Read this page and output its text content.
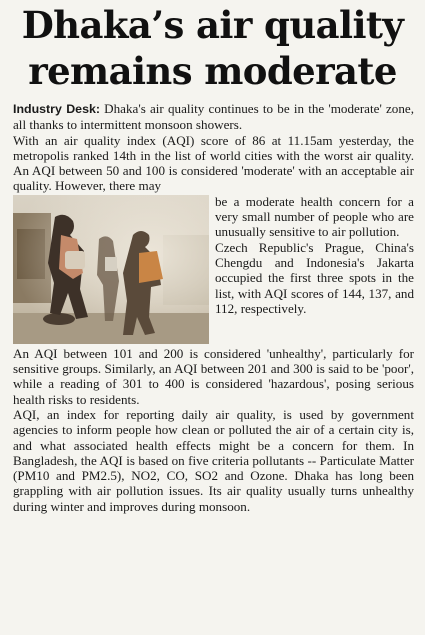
Dhaka’s air quality
remains moderate

Industry Desk: Dhaka's air quality continues to be in the 'moderate' zone, all thanks to intermittent monsoon showers.

With an air quality index (AQI) score of 86 at 11.15am yesterday, the metropolis ranked 14th in the list of world cities with the worst air quality. An AQI between 50 and 100 is considered 'moderate' with an acceptable air quality. However, there may

be a moderate health concern for a very small number of people who are unusually sensitive to air pollution.

Czech Republic's Prague, China's Chengdu and Indonesia's Jakarta occupied the first three spots in the list, with AQI scores of 144, 137, and 112, respectively.

An AQI between 101 and 200 is considered 'unhealthy', particularly for sensitive groups. Similarly, an AQI between 201 and 300 is said to be 'poor', while a reading of 301 to 400 is considered 'hazardous', posing serious health risks to residents.

AQI, an index for reporting daily air quality, is used by government agencies to inform people how clean or polluted the air of a certain city is, and what associated health effects might be a concern for them. In Bangladesh, the AQI is based on five criteria pollutants -- Particulate Matter (PM10 and PM2.5), NO2, CO, SO2 and Ozone. Dhaka has long been grappling with air pollution issues. Its air quality usually turns unhealthy during winter and improves during monsoon.
